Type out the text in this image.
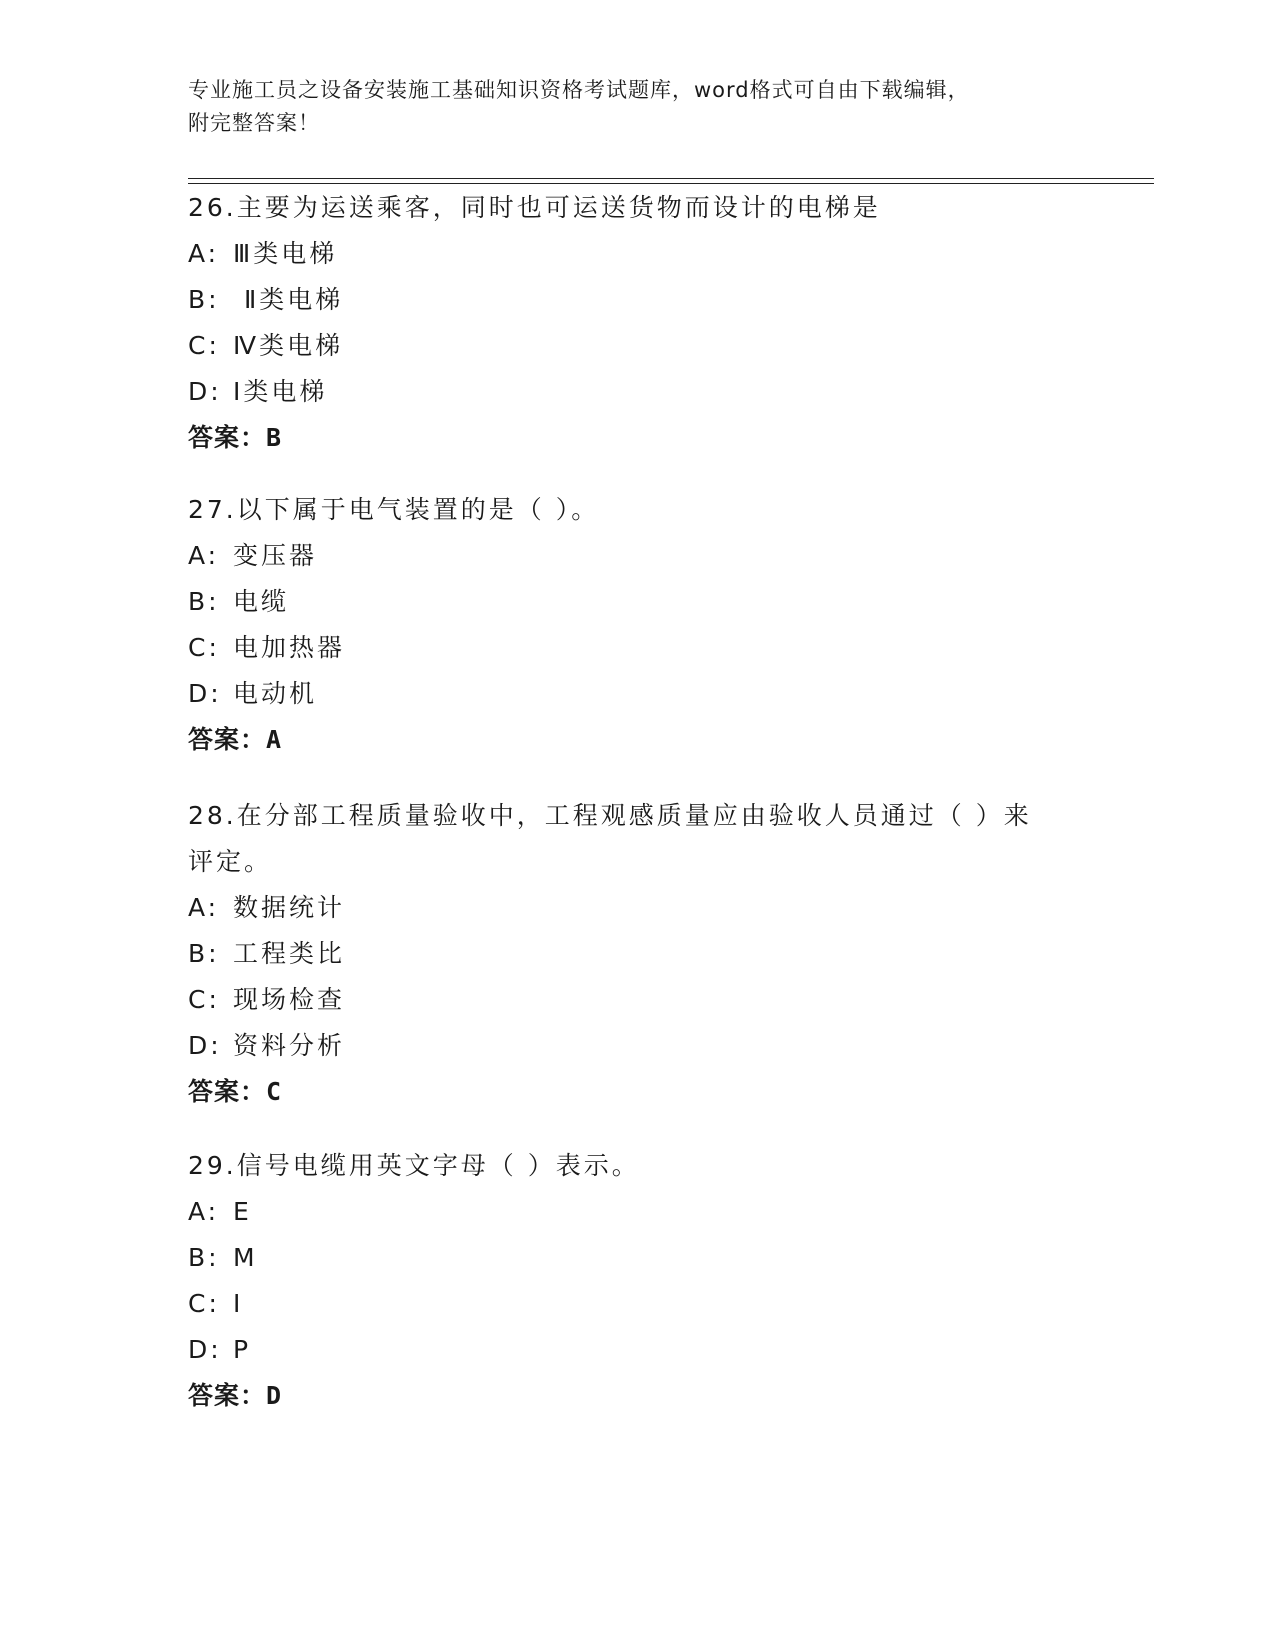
专业施工员之设备安装施工基础知识资格考试题库，word格式可自由下载编辑，
附完整答案！

26.主要为运送乘客，同时也可运送货物而设计的电梯是

A: Ⅲ类电梯

B: Ⅱ类电梯

C: Ⅳ类电梯

D: Ⅰ类电梯

答案：B

27.以下属于电气装置的是（ ）。

A: 变压器

B: 电缆

C: 电加热器

D: 电动机

答案：A

28.在分部工程质量验收中，工程观感质量应由验收人员通过（ ）来

评定。

A: 数据统计

B: 工程类比

C: 现场检查

D: 资料分析

答案：C

29.信号电缆用英文字母（ ）表示。

A: E

B: M

C: I

D: P

答案：D
